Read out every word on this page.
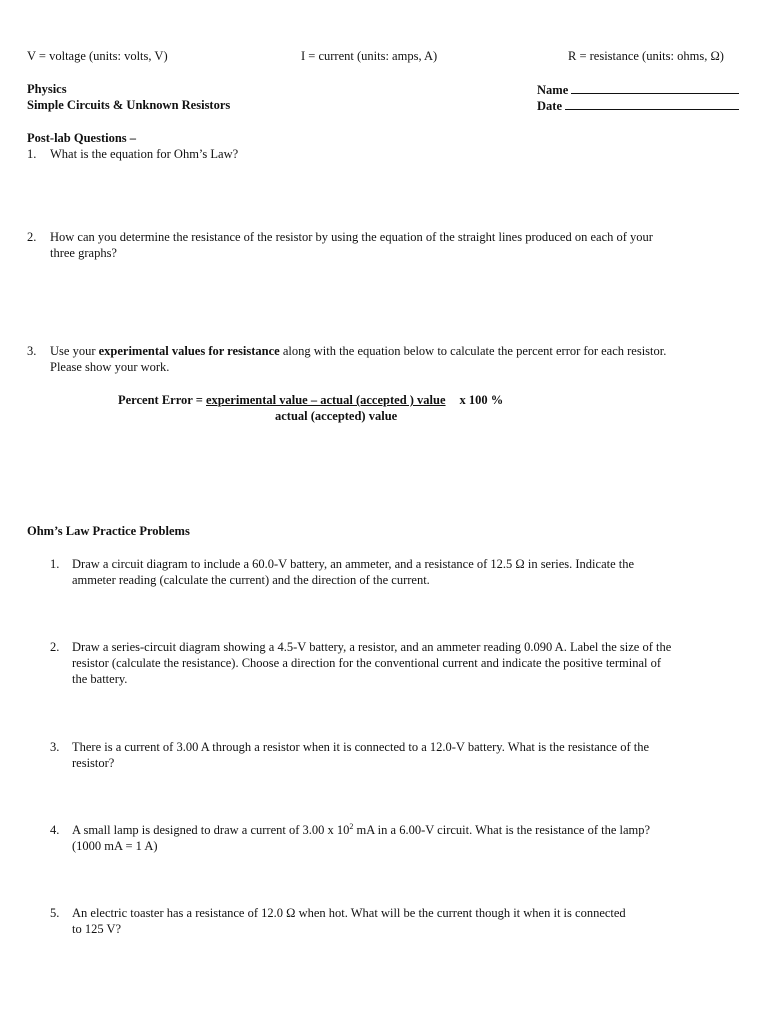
V = voltage (units: volts, V)	I = current (units: amps, A)	R = resistance (units: ohms, Ω)
Physics
Simple Circuits & Unknown Resistors
Name
Date
Post-lab Questions –
1. What is the equation for Ohm’s Law?
2. How can you determine the resistance of the resistor by using the equation of the straight lines produced on each of your
three graphs?
3. Use your experimental values for resistance along with the equation below to calculate the percent error for each resistor.
Please show your work.
Percent Error = experimental value – actual (accepted ) value x 100 %
actual (accepted) value
Ohm’s Law Practice Problems
1. Draw a circuit diagram to include a 60.0-V battery, an ammeter, and a resistance of 12.5 Ω in series. Indicate the
ammeter reading (calculate the current) and the direction of the current.
2. Draw a series-circuit diagram showing a 4.5-V battery, a resistor, and an ammeter reading 0.090 A. Label the size of the
resistor (calculate the resistance). Choose a direction for the conventional current and indicate the positive terminal of
the battery.
3. There is a current of 3.00 A through a resistor when it is connected to a 12.0-V battery. What is the resistance of the
resistor?
4. A small lamp is designed to draw a current of 3.00 x $10^2$ mA in a 6.00-V circuit. What is the resistance of the lamp?
(1000 mA = 1 A)
5. An electric toaster has a resistance of 12.0 Ω when hot. What will be the current though it when it is connected
to 125 V?
